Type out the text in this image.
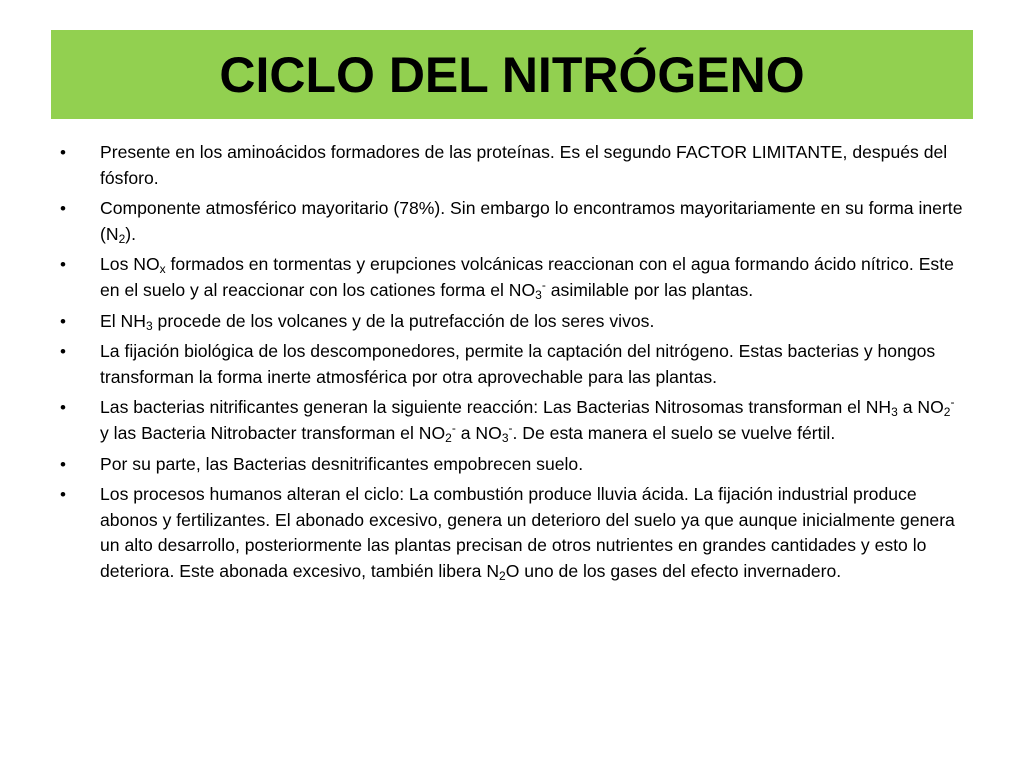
CICLO DEL NITRÓGENO
•	Presente en los aminoácidos formadores de las proteínas. Es el segundo FACTOR LIMITANTE, después del fósforo.
•	Componente atmosférico mayoritario (78%). Sin embargo lo encontramos mayoritariamente en su forma inerte $(N_2)$.
•	Los $NO_x$ formados en tormentas y erupciones volcánicas reaccionan con el agua formando ácido nítrico. Este en el suelo y al reaccionar con los cationes forma el $NO_3^-$ asimilable por las plantas.
•	El $NH_3$ procede de los volcanes y de la putrefacción de los seres vivos.
•	La fijación biológica de los descomponedores, permite la captación del nitrógeno. Estas bacterias y hongos transforman la forma inerte atmosférica por otra aprovechable para las plantas.
•	Las bacterias nitrificantes generan la siguiente reacción: Las Bacterias Nitrosomas transforman el $NH_3$ a $NO_2^-$ y las Bacteria Nitrobacter transforman el $NO_2^-$ a $NO_3^-$. De esta manera el suelo se vuelve fértil.
•	Por su parte, las Bacterias desnitrificantes empobrecen suelo.
•	Los procesos humanos alteran el ciclo: La combustión produce lluvia ácida. La fijación industrial produce abonos y fertilizantes. El abonado excesivo, genera un deterioro del suelo ya que aunque inicialmente genera un alto desarrollo, posteriormente las plantas precisan de otros nutrientes en grandes cantidades y esto lo deteriora. Este abonada excesivo, también libera $N_2O$ uno de los gases del efecto invernadero.
